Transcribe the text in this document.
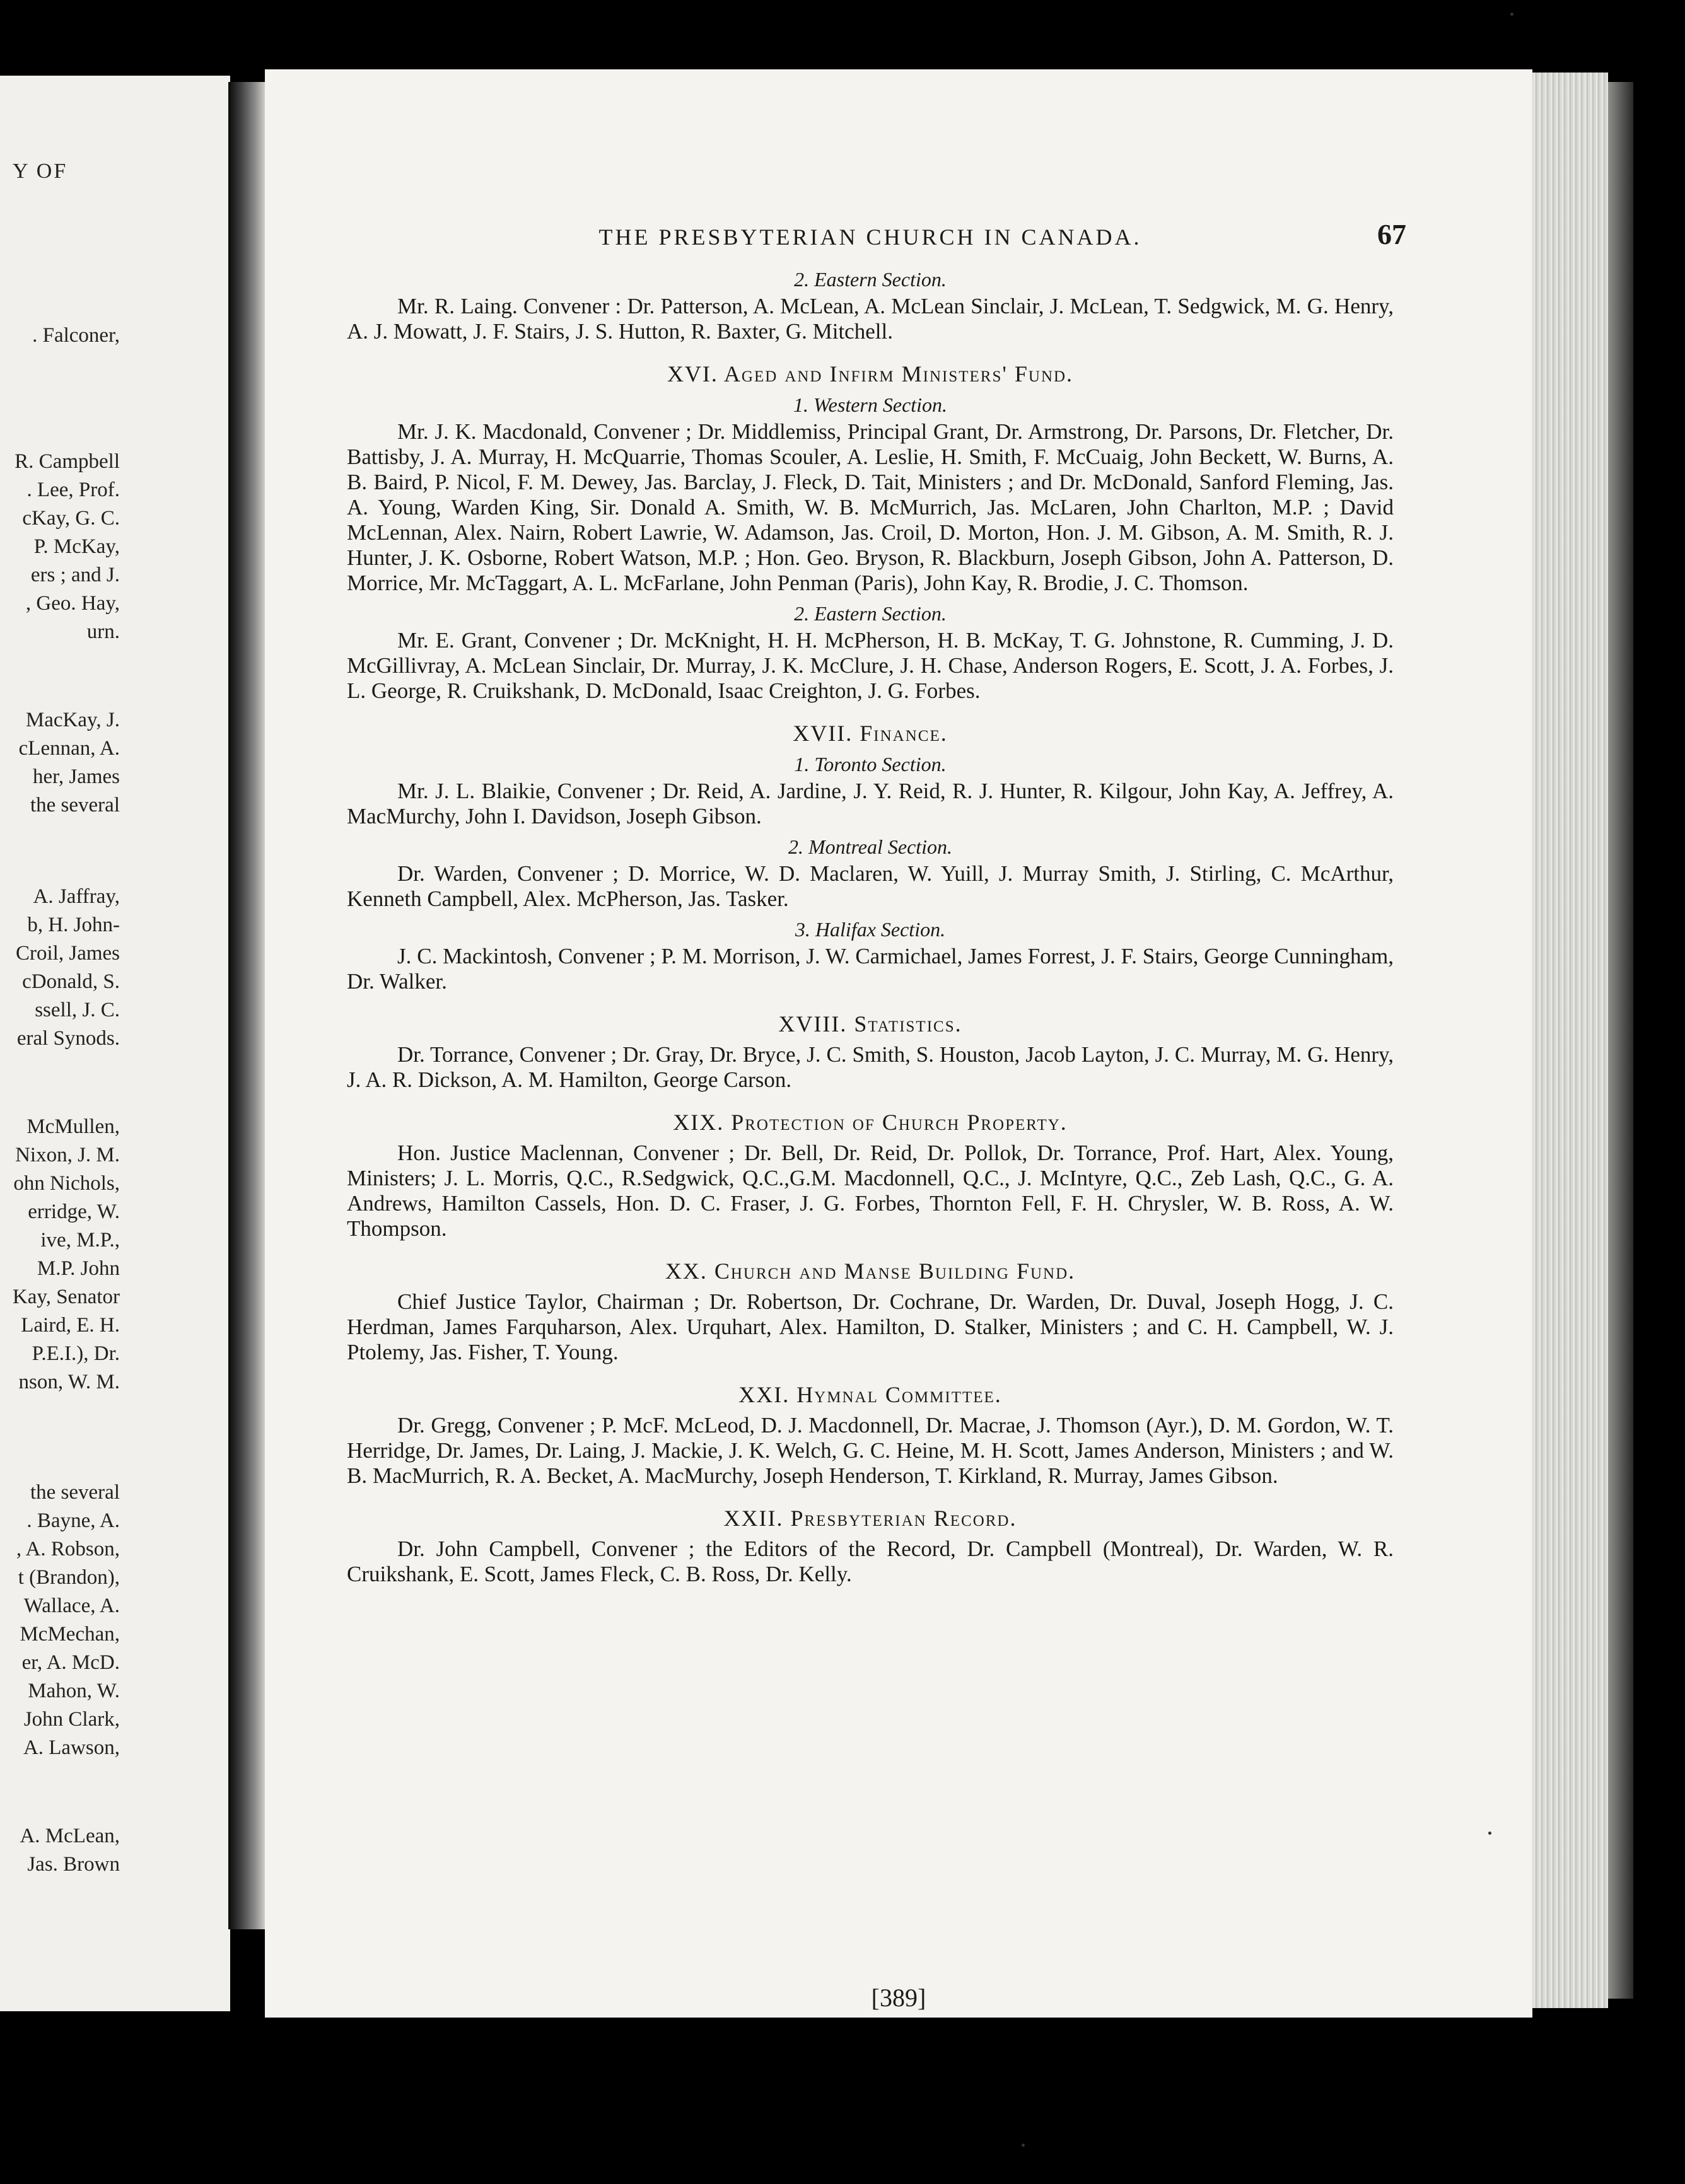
Y OF
. Falconer,
R. Campbell
. Lee, Prof.
cKay, G. C.
P. McKay,
ers ; and J.
, Geo. Hay,
urn.
MacKay, J.
cLennan, A.
her, James
the several
A. Jaffray,
b, H. John-
Croil, James
cDonald, S.
ssell, J. C.
eral Synods.
McMullen,
Nixon, J. M.
ohn Nichols,
erridge, W.
ive, M.P.,
M.P. John
Kay, Senator
Laird, E. H.
P.E.I.), Dr.
nson, W. M.
the several
. Bayne, A.
, A. Robson,
t (Brandon),
Wallace, A.
McMechan,
er, A. McD.
Mahon, W.
John Clark,
A. Lawson,
A. McLean,
Jas. Brown
THE PRESBYTERIAN CHURCH IN CANADA.	67
2. Eastern Section.
Mr. R. Laing. Convener : Dr. Patterson, A. McLean, A. McLean Sinclair, J. McLean, T. Sedgwick, M. G. Henry, A. J. Mowatt, J. F. Stairs, J. S. Hutton, R. Baxter, G. Mitchell.
XVI. Aged and Infirm Ministers' Fund.
1. Western Section.
Mr. J. K. Macdonald, Convener ; Dr. Middlemiss, Principal Grant, Dr. Armstrong, Dr. Parsons, Dr. Fletcher, Dr. Battisby, J. A. Murray, H. McQuarrie, Thomas Scouler, A. Leslie, H. Smith, F. McCuaig, John Beckett, W. Burns, A. B. Baird, P. Nicol, F. M. Dewey, Jas. Barclay, J. Fleck, D. Tait, Ministers ; and Dr. McDonald, Sanford Fleming, Jas. A. Young, Warden King, Sir. Donald A. Smith, W. B. McMurrich, Jas. McLaren, John Charlton, M.P. ; David McLennan, Alex. Nairn, Robert Lawrie, W. Adamson, Jas. Croil, D. Morton, Hon. J. M. Gibson, A. M. Smith, R. J. Hunter, J. K. Osborne, Robert Watson, M.P. ; Hon. Geo. Bryson, R. Blackburn, Joseph Gibson, John A. Patterson, D. Morrice, Mr. McTaggart, A. L. McFarlane, John Penman (Paris), John Kay, R. Brodie, J. C. Thomson.
2. Eastern Section.
Mr. E. Grant, Convener ; Dr. McKnight, H. H. McPherson, H. B. McKay, T. G. Johnstone, R. Cumming, J. D. McGillivray, A. McLean Sinclair, Dr. Murray, J. K. McClure, J. H. Chase, Anderson Rogers, E. Scott, J. A. Forbes, J. L. George, R. Cruikshank, D. McDonald, Isaac Creighton, J. G. Forbes.
XVII. Finance.
1. Toronto Section.
Mr. J. L. Blaikie, Convener ; Dr. Reid, A. Jardine, J. Y. Reid, R. J. Hunter, R. Kilgour, John Kay, A. Jeffrey, A. MacMurchy, John I. Davidson, Joseph Gibson.
2. Montreal Section.
Dr. Warden, Convener ; D. Morrice, W. D. Maclaren, W. Yuill, J. Murray Smith, J. Stirling, C. McArthur, Kenneth Campbell, Alex. McPherson, Jas. Tasker.
3. Halifax Section.
J. C. Mackintosh, Convener ; P. M. Morrison, J. W. Carmichael, James Forrest, J. F. Stairs, George Cunningham, Dr. Walker.
XVIII. Statistics.
Dr. Torrance, Convener ; Dr. Gray, Dr. Bryce, J. C. Smith, S. Houston, Jacob Layton, J. C. Murray, M. G. Henry, J. A. R. Dickson, A. M. Hamilton, George Carson.
XIX. Protection of Church Property.
Hon. Justice Maclennan, Convener ; Dr. Bell, Dr. Reid, Dr. Pollok, Dr. Torrance, Prof. Hart, Alex. Young, Ministers; J. L. Morris, Q.C., R.Sedgwick, Q.C.,G.M. Macdonnell, Q.C., J. McIntyre, Q.C., Zeb Lash, Q.C., G. A. Andrews, Hamilton Cassels, Hon. D. C. Fraser, J. G. Forbes, Thornton Fell, F. H. Chrysler, W. B. Ross, A. W. Thompson.
XX. Church and Manse Building Fund.
Chief Justice Taylor, Chairman ; Dr. Robertson, Dr. Cochrane, Dr. Warden, Dr. Duval, Joseph Hogg, J. C. Herdman, James Farquharson, Alex. Urquhart, Alex. Hamilton, D. Stalker, Ministers ; and C. H. Campbell, W. J. Ptolemy, Jas. Fisher, T. Young.
XXI. Hymnal Committee.
Dr. Gregg, Convener ; P. McF. McLeod, D. J. Macdonnell, Dr. Macrae, J. Thomson (Ayr.), D. M. Gordon, W. T. Herridge, Dr. James, Dr. Laing, J. Mackie, J. K. Welch, G. C. Heine, M. H. Scott, James Anderson, Ministers ; and W. B. MacMurrich, R. A. Becket, A. MacMurchy, Joseph Henderson, T. Kirkland, R. Murray, James Gibson.
XXII. Presbyterian Record.
Dr. John Campbell, Convener ; the Editors of the Record, Dr. Campbell (Montreal), Dr. Warden, W. R. Cruikshank, E. Scott, James Fleck, C. B. Ross, Dr. Kelly.
[389]
